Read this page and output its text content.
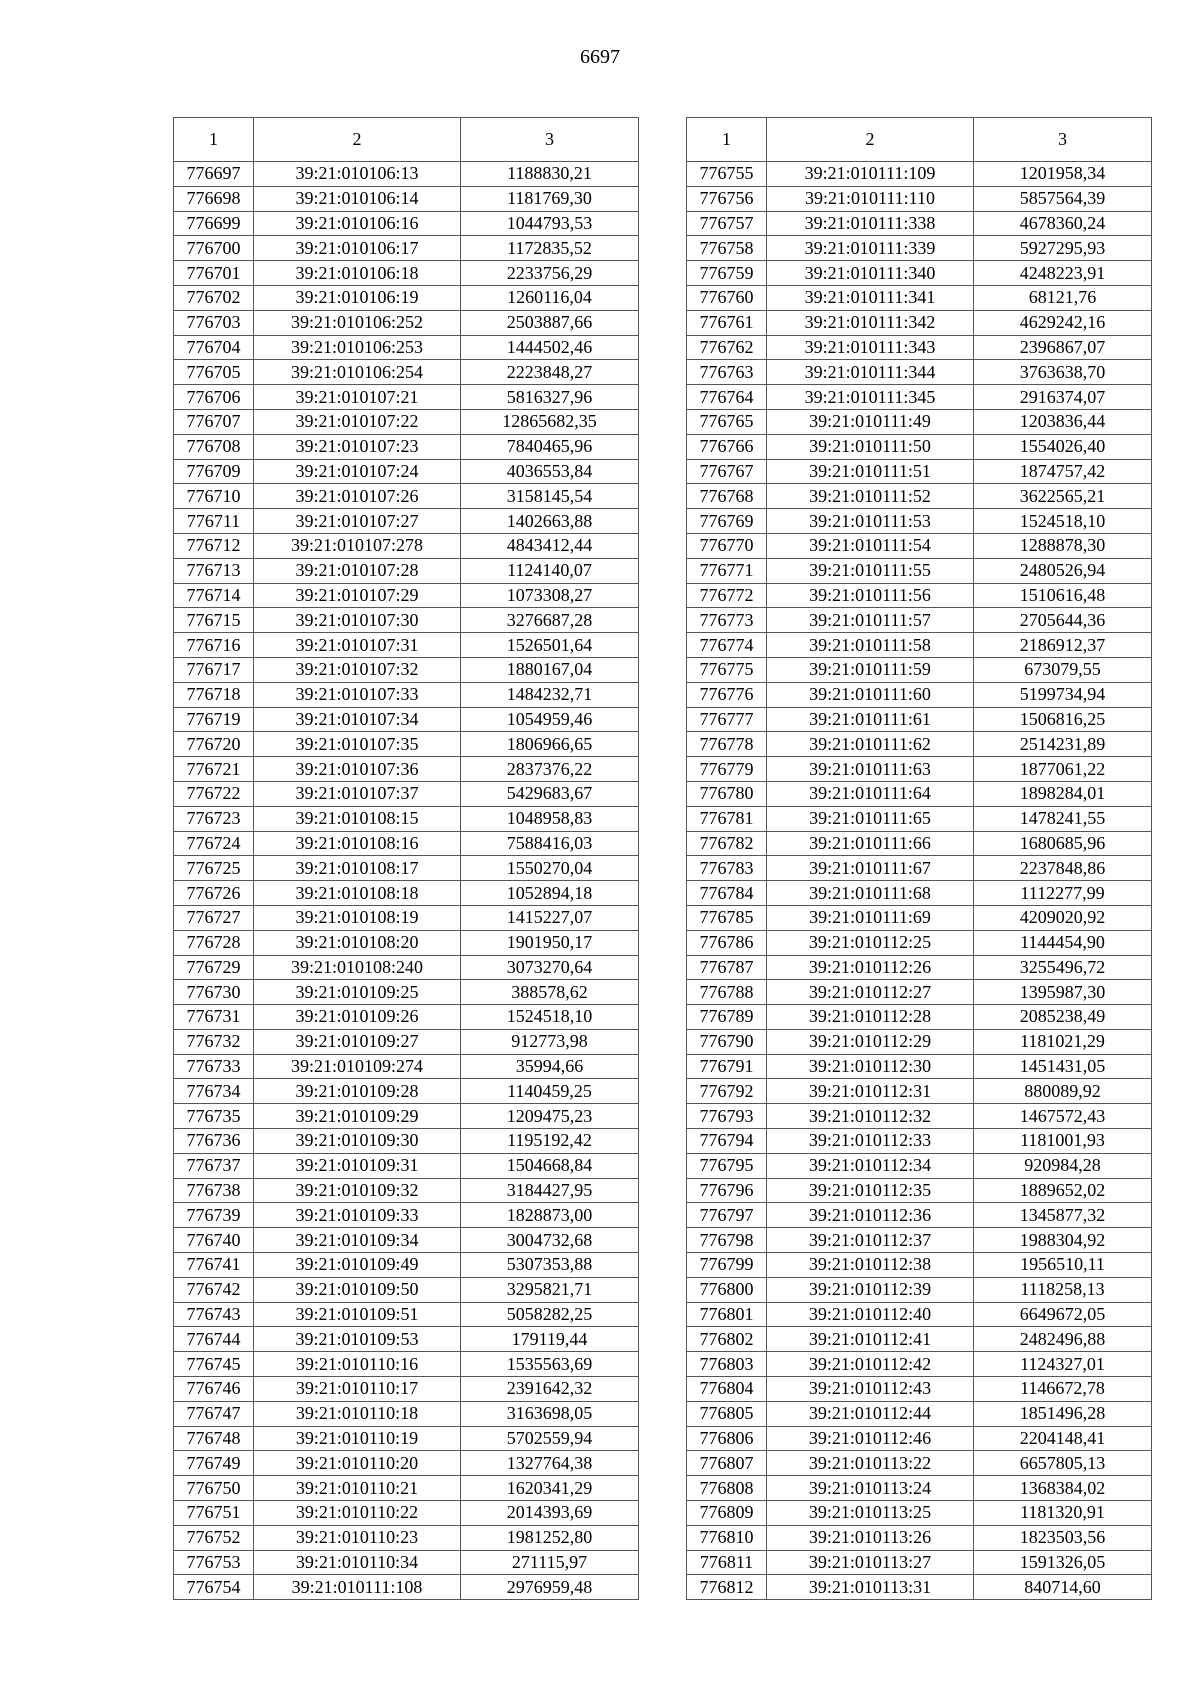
6697
1	2	3
776697	39:21:010106:13	1188830,21
776698	39:21:010106:14	1181769,30
776699	39:21:010106:16	1044793,53
776700	39:21:010106:17	1172835,52
776701	39:21:010106:18	2233756,29
776702	39:21:010106:19	1260116,04
776703	39:21:010106:252	2503887,66
776704	39:21:010106:253	1444502,46
776705	39:21:010106:254	2223848,27
776706	39:21:010107:21	5816327,96
776707	39:21:010107:22	12865682,35
776708	39:21:010107:23	7840465,96
776709	39:21:010107:24	4036553,84
776710	39:21:010107:26	3158145,54
776711	39:21:010107:27	1402663,88
776712	39:21:010107:278	4843412,44
776713	39:21:010107:28	1124140,07
776714	39:21:010107:29	1073308,27
776715	39:21:010107:30	3276687,28
776716	39:21:010107:31	1526501,64
776717	39:21:010107:32	1880167,04
776718	39:21:010107:33	1484232,71
776719	39:21:010107:34	1054959,46
776720	39:21:010107:35	1806966,65
776721	39:21:010107:36	2837376,22
776722	39:21:010107:37	5429683,67
776723	39:21:010108:15	1048958,83
776724	39:21:010108:16	7588416,03
776725	39:21:010108:17	1550270,04
776726	39:21:010108:18	1052894,18
776727	39:21:010108:19	1415227,07
776728	39:21:010108:20	1901950,17
776729	39:21:010108:240	3073270,64
776730	39:21:010109:25	388578,62
776731	39:21:010109:26	1524518,10
776732	39:21:010109:27	912773,98
776733	39:21:010109:274	35994,66
776734	39:21:010109:28	1140459,25
776735	39:21:010109:29	1209475,23
776736	39:21:010109:30	1195192,42
776737	39:21:010109:31	1504668,84
776738	39:21:010109:32	3184427,95
776739	39:21:010109:33	1828873,00
776740	39:21:010109:34	3004732,68
776741	39:21:010109:49	5307353,88
776742	39:21:010109:50	3295821,71
776743	39:21:010109:51	5058282,25
776744	39:21:010109:53	179119,44
776745	39:21:010110:16	1535563,69
776746	39:21:010110:17	2391642,32
776747	39:21:010110:18	3163698,05
776748	39:21:010110:19	5702559,94
776749	39:21:010110:20	1327764,38
776750	39:21:010110:21	1620341,29
776751	39:21:010110:22	2014393,69
776752	39:21:010110:23	1981252,80
776753	39:21:010110:34	271115,97
776754	39:21:010111:108	2976959,48
1	2	3
776755	39:21:010111:109	1201958,34
776756	39:21:010111:110	5857564,39
776757	39:21:010111:338	4678360,24
776758	39:21:010111:339	5927295,93
776759	39:21:010111:340	4248223,91
776760	39:21:010111:341	68121,76
776761	39:21:010111:342	4629242,16
776762	39:21:010111:343	2396867,07
776763	39:21:010111:344	3763638,70
776764	39:21:010111:345	2916374,07
776765	39:21:010111:49	1203836,44
776766	39:21:010111:50	1554026,40
776767	39:21:010111:51	1874757,42
776768	39:21:010111:52	3622565,21
776769	39:21:010111:53	1524518,10
776770	39:21:010111:54	1288878,30
776771	39:21:010111:55	2480526,94
776772	39:21:010111:56	1510616,48
776773	39:21:010111:57	2705644,36
776774	39:21:010111:58	2186912,37
776775	39:21:010111:59	673079,55
776776	39:21:010111:60	5199734,94
776777	39:21:010111:61	1506816,25
776778	39:21:010111:62	2514231,89
776779	39:21:010111:63	1877061,22
776780	39:21:010111:64	1898284,01
776781	39:21:010111:65	1478241,55
776782	39:21:010111:66	1680685,96
776783	39:21:010111:67	2237848,86
776784	39:21:010111:68	1112277,99
776785	39:21:010111:69	4209020,92
776786	39:21:010112:25	1144454,90
776787	39:21:010112:26	3255496,72
776788	39:21:010112:27	1395987,30
776789	39:21:010112:28	2085238,49
776790	39:21:010112:29	1181021,29
776791	39:21:010112:30	1451431,05
776792	39:21:010112:31	880089,92
776793	39:21:010112:32	1467572,43
776794	39:21:010112:33	1181001,93
776795	39:21:010112:34	920984,28
776796	39:21:010112:35	1889652,02
776797	39:21:010112:36	1345877,32
776798	39:21:010112:37	1988304,92
776799	39:21:010112:38	1956510,11
776800	39:21:010112:39	1118258,13
776801	39:21:010112:40	6649672,05
776802	39:21:010112:41	2482496,88
776803	39:21:010112:42	1124327,01
776804	39:21:010112:43	1146672,78
776805	39:21:010112:44	1851496,28
776806	39:21:010112:46	2204148,41
776807	39:21:010113:22	6657805,13
776808	39:21:010113:24	1368384,02
776809	39:21:010113:25	1181320,91
776810	39:21:010113:26	1823503,56
776811	39:21:010113:27	1591326,05
776812	39:21:010113:31	840714,60
